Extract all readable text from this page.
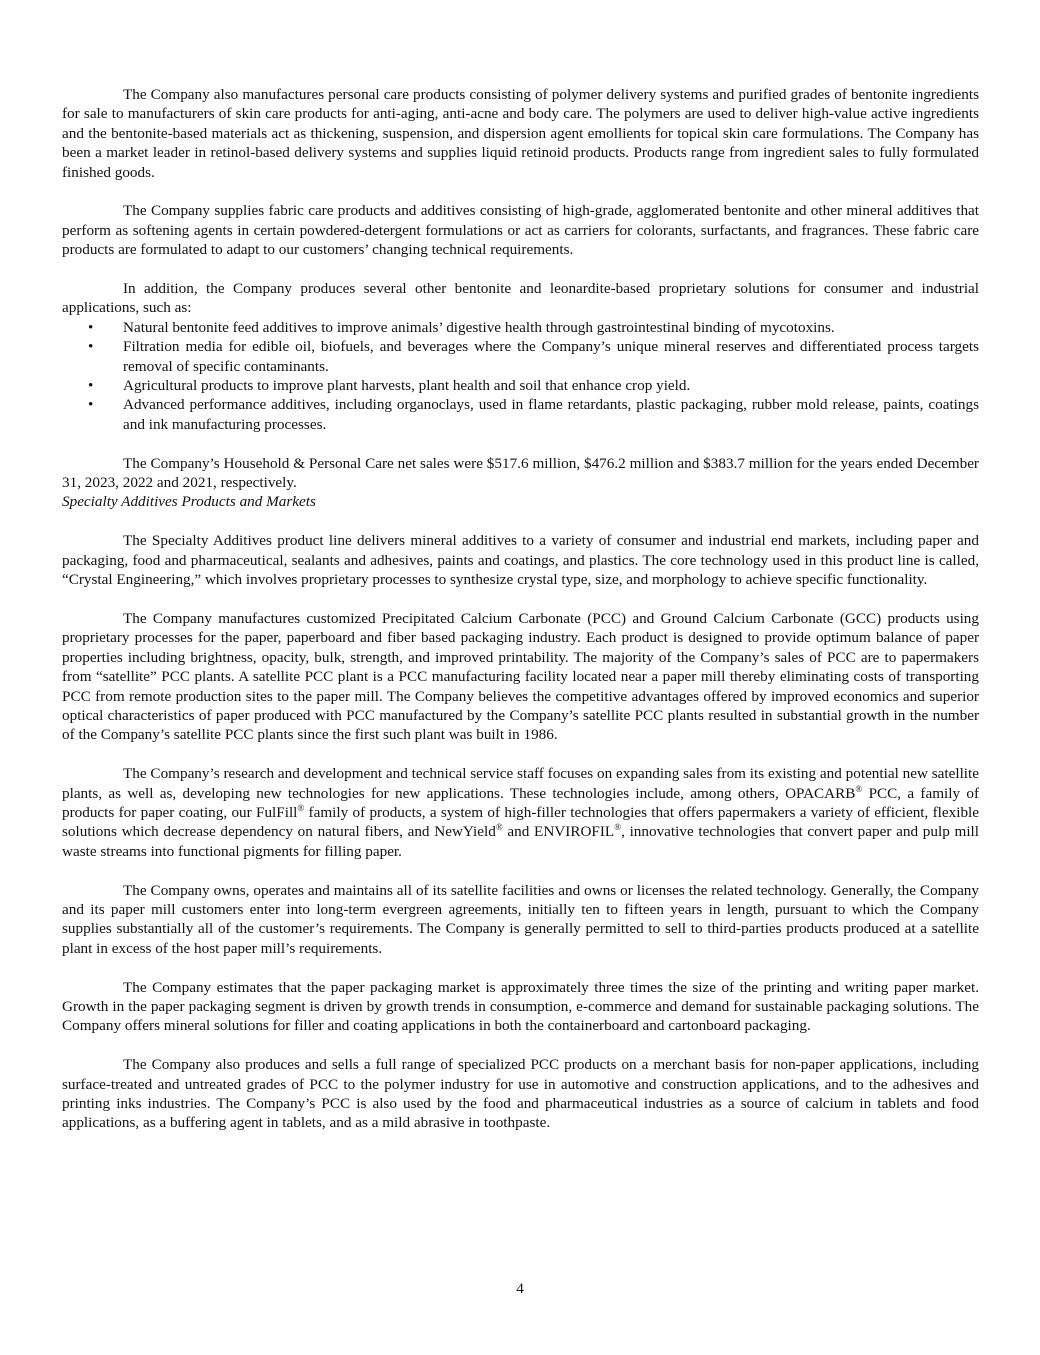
The Company also manufactures personal care products consisting of polymer delivery systems and purified grades of bentonite ingredients for sale to manufacturers of skin care products for anti-aging, anti-acne and body care. The polymers are used to deliver high-value active ingredients and the bentonite-based materials act as thickening, suspension, and dispersion agent emollients for topical skin care formulations. The Company has been a market leader in retinol-based delivery systems and supplies liquid retinoid products. Products range from ingredient sales to fully formulated finished goods.

The Company supplies fabric care products and additives consisting of high-grade, agglomerated bentonite and other mineral additives that perform as softening agents in certain powdered-detergent formulations or act as carriers for colorants, surfactants, and fragrances. These fabric care products are formulated to adapt to our customers’ changing technical requirements.

In addition, the Company produces several other bentonite and leonardite-based proprietary solutions for consumer and industrial applications, such as:

• Natural bentonite feed additives to improve animals’ digestive health through gastrointestinal binding of mycotoxins.
• Filtration media for edible oil, biofuels, and beverages where the Company’s unique mineral reserves and differentiated process targets removal of specific contaminants.
• Agricultural products to improve plant harvests, plant health and soil that enhance crop yield.
• Advanced performance additives, including organoclays, used in flame retardants, plastic packaging, rubber mold release, paints, coatings and ink manufacturing processes.

The Company’s Household & Personal Care net sales were $517.6 million, $476.2 million and $383.7 million for the years ended December 31, 2023, 2022 and 2021, respectively.

Specialty Additives Products and Markets

The Specialty Additives product line delivers mineral additives to a variety of consumer and industrial end markets, including paper and packaging, food and pharmaceutical, sealants and adhesives, paints and coatings, and plastics. The core technology used in this product line is called, “Crystal Engineering,” which involves proprietary processes to synthesize crystal type, size, and morphology to achieve specific functionality.

The Company manufactures customized Precipitated Calcium Carbonate (PCC) and Ground Calcium Carbonate (GCC) products using proprietary processes for the paper, paperboard and fiber based packaging industry. Each product is designed to provide optimum balance of paper properties including brightness, opacity, bulk, strength, and improved printability. The majority of the Company’s sales of PCC are to papermakers from “satellite” PCC plants. A satellite PCC plant is a PCC manufacturing facility located near a paper mill thereby eliminating costs of transporting PCC from remote production sites to the paper mill. The Company believes the competitive advantages offered by improved economics and superior optical characteristics of paper produced with PCC manufactured by the Company’s satellite PCC plants resulted in substantial growth in the number of the Company’s satellite PCC plants since the first such plant was built in 1986.

The Company’s research and development and technical service staff focuses on expanding sales from its existing and potential new satellite plants, as well as, developing new technologies for new applications. These technologies include, among others, OPACARB® PCC, a family of products for paper coating, our FulFill® family of products, a system of high-filler technologies that offers papermakers a variety of efficient, flexible solutions which decrease dependency on natural fibers, and NewYield® and ENVIROFIL®, innovative technologies that convert paper and pulp mill waste streams into functional pigments for filling paper.

The Company owns, operates and maintains all of its satellite facilities and owns or licenses the related technology. Generally, the Company and its paper mill customers enter into long-term evergreen agreements, initially ten to fifteen years in length, pursuant to which the Company supplies substantially all of the customer’s requirements. The Company is generally permitted to sell to third-parties products produced at a satellite plant in excess of the host paper mill’s requirements.

The Company estimates that the paper packaging market is approximately three times the size of the printing and writing paper market. Growth in the paper packaging segment is driven by growth trends in consumption, e-commerce and demand for sustainable packaging solutions. The Company offers mineral solutions for filler and coating applications in both the containerboard and cartonboard packaging.

The Company also produces and sells a full range of specialized PCC products on a merchant basis for non-paper applications, including surface-treated and untreated grades of PCC to the polymer industry for use in automotive and construction applications, and to the adhesives and printing inks industries. The Company’s PCC is also used by the food and pharmaceutical industries as a source of calcium in tablets and food applications, as a buffering agent in tablets, and as a mild abrasive in toothpaste.

4
